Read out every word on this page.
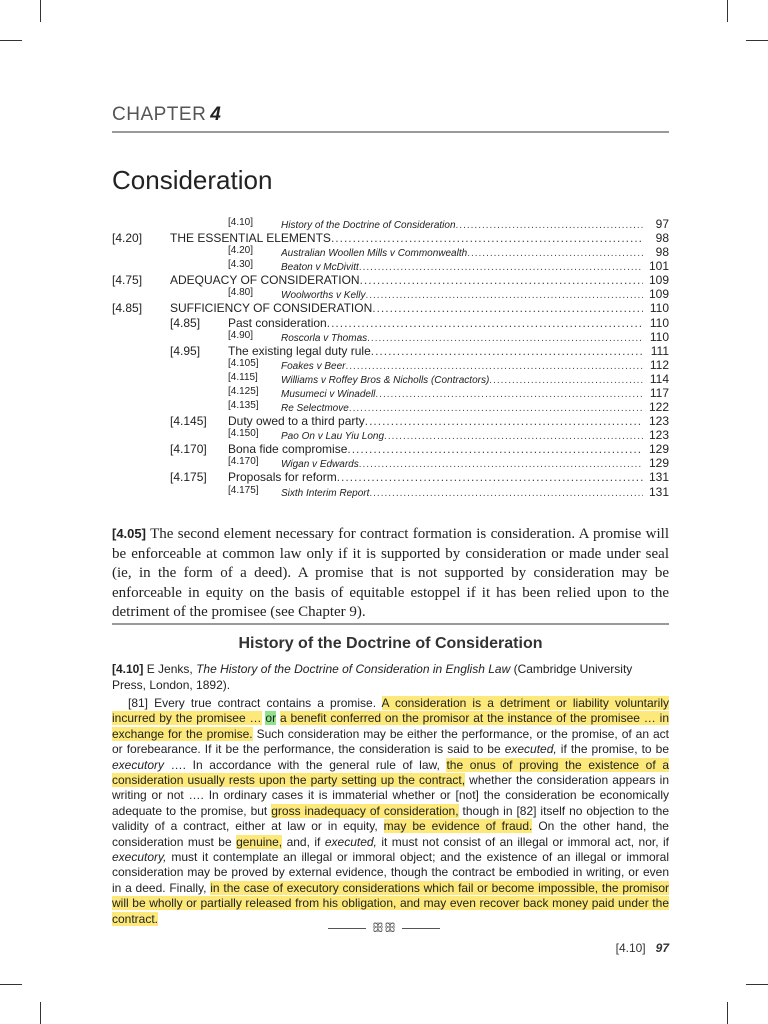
CHAPTER 4
Consideration
[4.10]	History of the Doctrine of Consideration .....	97
[4.20] THE ESSENTIAL ELEMENTS .....	98
[4.20]	Australian Woollen Mills v Commonwealth .....	98
[4.30]	Beaton v McDivitt .....	101
[4.75] ADEQUACY OF CONSIDERATION .....	109
[4.80]	Woolworths v Kelly .....	109
[4.85] SUFFICIENCY OF CONSIDERATION .....	110
[4.85] Past consideration .....	110
[4.90]	Roscorla v Thomas .....	110
[4.95] The existing legal duty rule .....	111
[4.105] Foakes v Beer .....	112
[4.115] Williams v Roffey Bros & Nicholls (Contractors) .....	114
[4.125] Musumeci v Winadell .....	117
[4.135] Re Selectmove .....	122
[4.145] Duty owed to a third party .....	123
[4.150] Pao On v Lau Yiu Long .....	123
[4.170] Bona fide compromise .....	129
[4.170] Wigan v Edwards .....	129
[4.175] Proposals for reform .....	131
[4.175] Sixth Interim Report .....	131
[4.05] The second element necessary for contract formation is consideration. A promise will be enforceable at common law only if it is supported by consideration or made under seal (ie, in the form of a deed). A promise that is not supported by consideration may be enforceable in equity on the basis of equitable estoppel if it has been relied upon to the detriment of the promisee (see Chapter 9).
History of the Doctrine of Consideration
[4.10] E Jenks, The History of the Doctrine of Consideration in English Law (Cambridge University Press, London, 1892).
[81] Every true contract contains a promise. A consideration is a detriment or liability voluntarily incurred by the promisee … or a benefit conferred on the promisor at the instance of the promisee … in exchange for the promise. Such consideration may be either the performance, or the promise, of an act or forebearance. If it be the performance, the consideration is said to be executed, if the promise, to be executory …. In accordance with the general rule of law, the onus of proving the existence of a consideration usually rests upon the party setting up the contract, whether the consideration appears in writing or not …. In ordinary cases it is immaterial whether or [not] the consideration be economically adequate to the promise, but gross inadequacy of consideration, though in [82] itself no objection to the validity of a contract, either at law or in equity, may be evidence of fraud. On the other hand, the consideration must be genuine, and, if executed, it must not consist of an illegal or immoral act, nor, if executory, must it contemplate an illegal or immoral object; and the existence of an illegal or immoral consideration may be proved by external evidence, though the contract be embodied in writing, or even in a deed. Finally, in the case of executory considerations which fail or become impossible, the promisor will be wholly or partially released from his obligation, and may even recover back money paid under the contract.
ꕥꕥ
[4.10] 97
